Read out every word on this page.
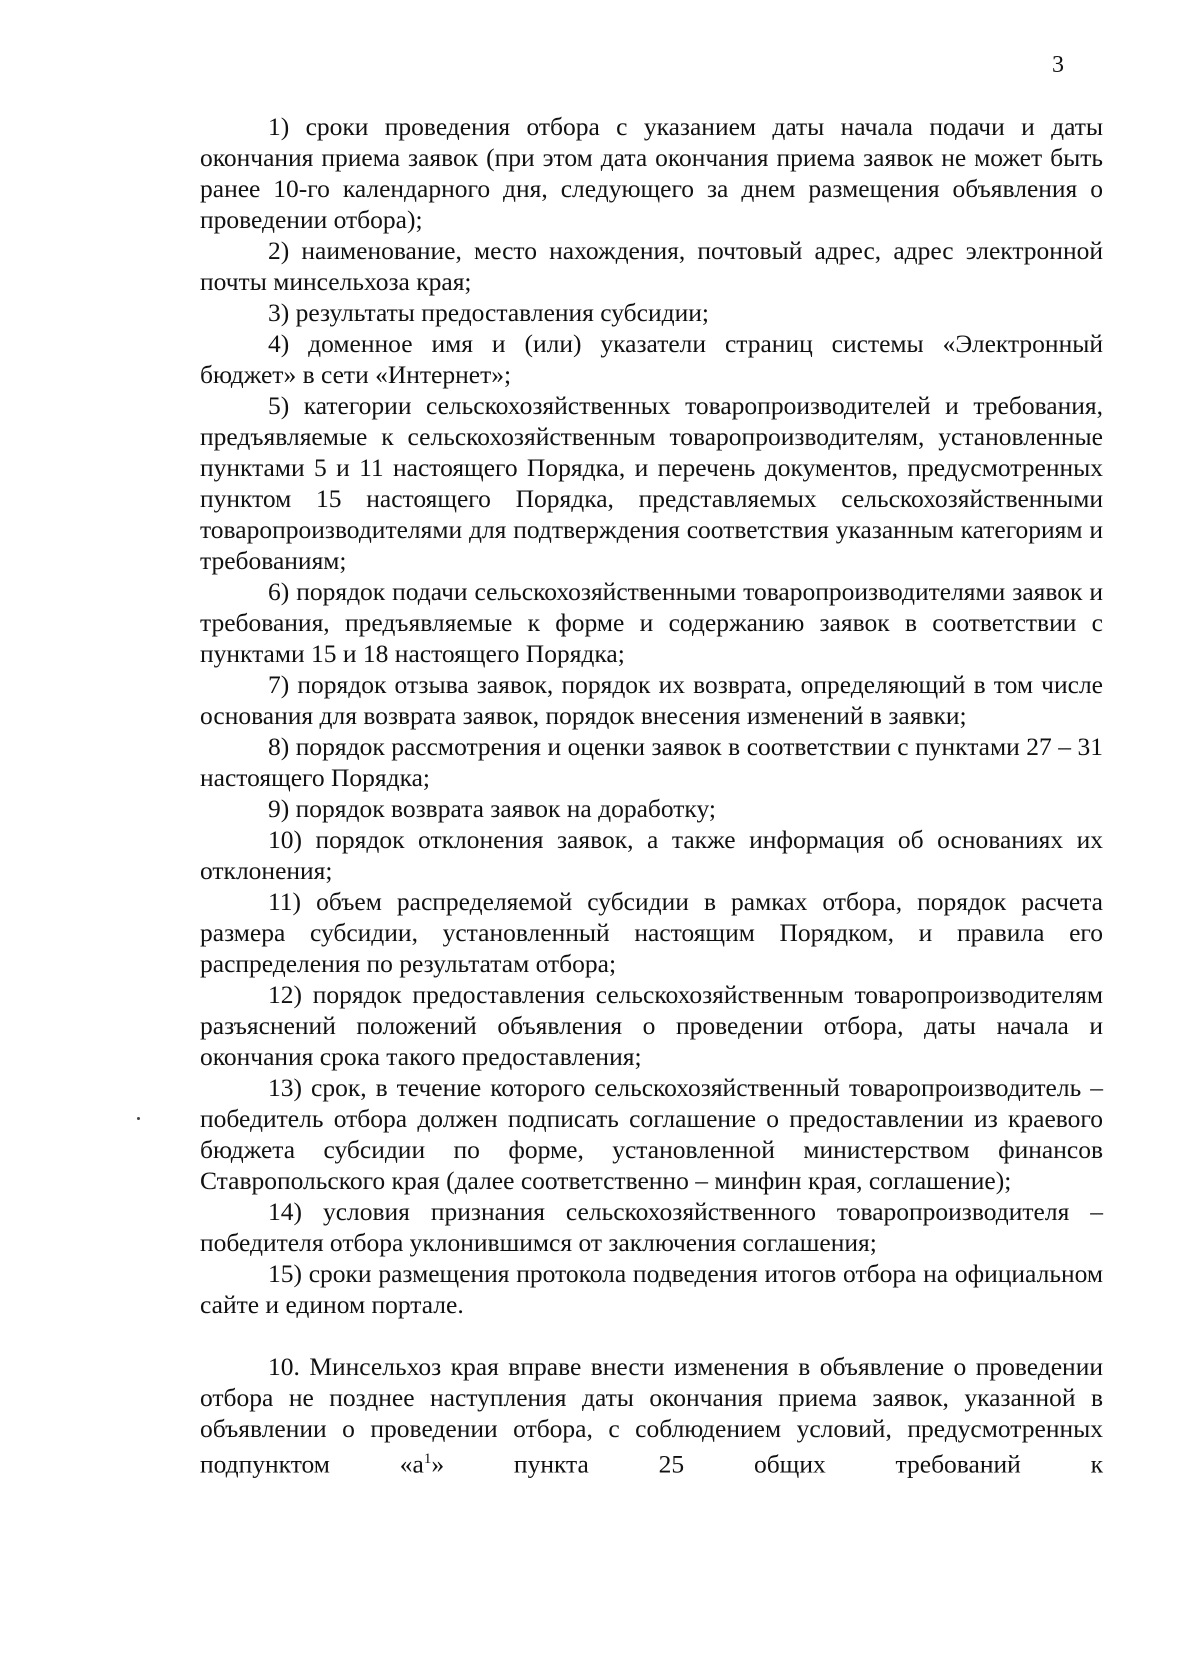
3

1) сроки проведения отбора с указанием даты начала подачи и даты окончания приема заявок (при этом дата окончания приема заявок не может быть ранее 10-го календарного дня, следующего за днем размещения объявления о проведении отбора);

2) наименование, место нахождения, почтовый адрес, адрес электронной почты минсельхоза края;

3) результаты предоставления субсидии;

4) доменное имя и (или) указатели страниц системы «Электронный бюджет» в сети «Интернет»;

5) категории сельскохозяйственных товаропроизводителей и требования, предъявляемые к сельскохозяйственным товаропроизводителям, установленные пунктами 5 и 11 настоящего Порядка, и перечень документов, предусмотренных пунктом 15 настоящего Порядка, представляемых сельскохозяйственными товаропроизводителями для подтверждения соответствия указанным категориям и требованиям;

6) порядок подачи сельскохозяйственными товаропроизводителями заявок и требования, предъявляемые к форме и содержанию заявок в соответствии с пунктами 15 и 18 настоящего Порядка;

7) порядок отзыва заявок, порядок их возврата, определяющий в том числе основания для возврата заявок, порядок внесения изменений в заявки;

8) порядок рассмотрения и оценки заявок в соответствии с пунктами 27 – 31 настоящего Порядка;

9) порядок возврата заявок на доработку;

10) порядок отклонения заявок, а также информация об основаниях их отклонения;

11) объем распределяемой субсидии в рамках отбора, порядок расчета размера субсидии, установленный настоящим Порядком, и правила его распределения по результатам отбора;

12) порядок предоставления сельскохозяйственным товаропроизводителям разъяснений положений объявления о проведении отбора, даты начала и окончания срока такого предоставления;

13) срок, в течение которого сельскохозяйственный товаропроизводитель – победитель отбора должен подписать соглашение о предоставлении из краевого бюджета субсидии по форме, установленной министерством финансов Ставропольского края (далее соответственно – минфин края, соглашение);

14) условия признания сельскохозяйственного товаропроизводителя – победителя отбора уклонившимся от заключения соглашения;

15) сроки размещения протокола подведения итогов отбора на официальном сайте и едином портале.

10. Минсельхоз края вправе внести изменения в объявление о проведении отбора не позднее наступления даты окончания приема заявок, указанной в объявлении о проведении отбора, с соблюдением условий, предусмотренных подпунктом «$а^1$» пункта 25 общих требований к
